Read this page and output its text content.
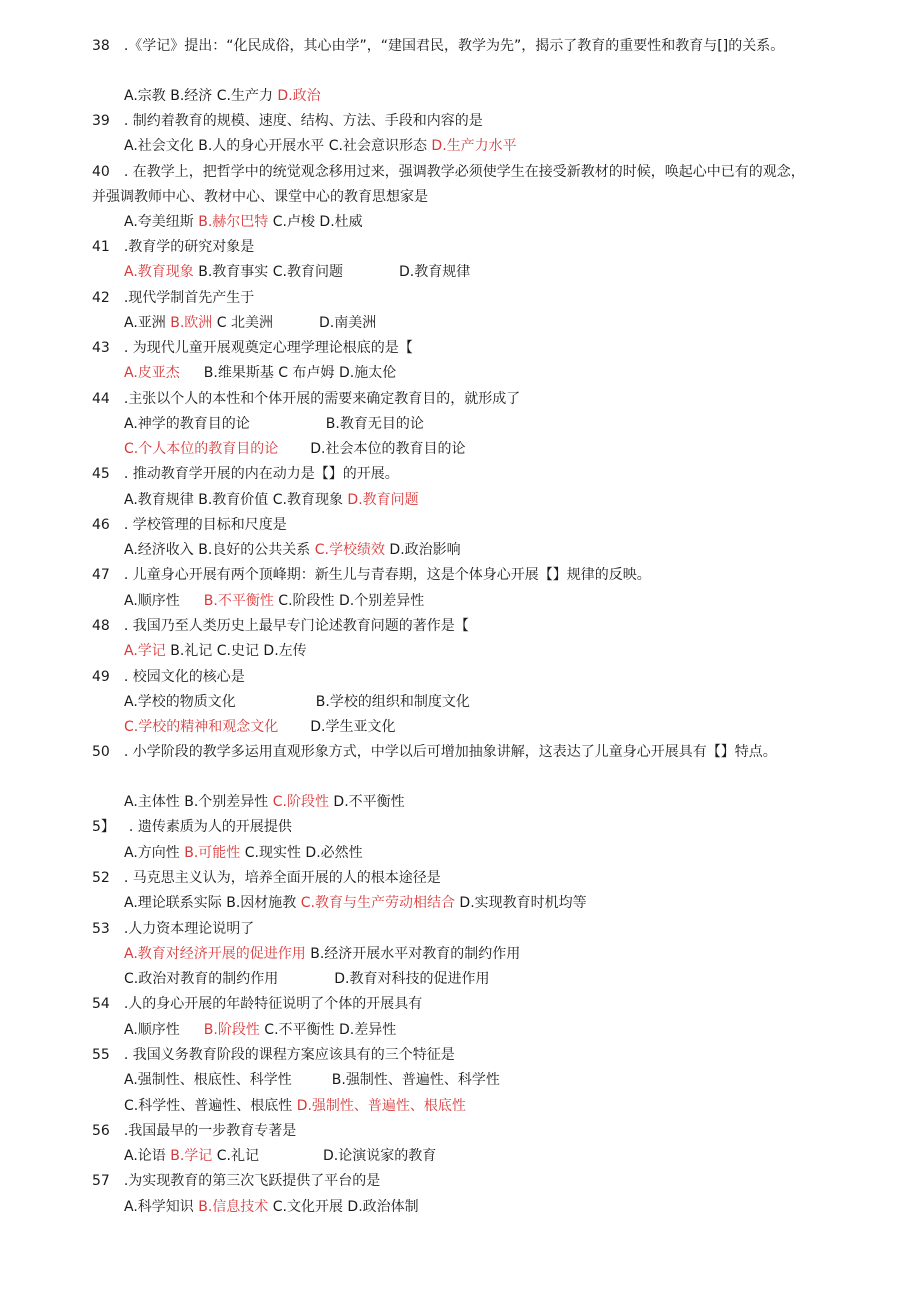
38 .《学记》提出：“化民成俗，其心由学”，“建国君民，教学为先”，揭示了教育的重要性和教育与[]的关系。
A.宗教 B.经济 C.生产力 D.政治
39 . 制约着教育的规模、速度、结构、方法、手段和内容的是
A.社会文化 B.人的身心开展水平 C.社会意识形态 D.生产力水平
40 . 在教学上，把哲学中的统觉观念移用过来，强调教学必须使学生在接受新教材的时候，唤起心中已有的观念，并强调教师中心、教材中心、课堂中心的教育思想家是
A.夸美纽斯 B.赫尔巴特 C.卢梭 D.杜威
41 .教育学的研究对象是
A.教育现象 B.教育事实 C.教育问题	D.教育规律
42 .现代学制首先产生于
A.亚洲 B.欧洲 C 北美洲	D.南美洲
43 . 为现代儿童开展观奠定心理学理论根底的是【
A.皮亚杰 B.维果斯基 C 布卢姆 D.施太伦
44 .主张以个人的本性和个体开展的需要来确定教育目的，就形成了
A.神学的教育目的论	B.教育无目的论
C.个人本位的教育目的论 D.社会本位的教育目的论
45 . 推动教育学开展的内在动力是【】的开展。
A.教育规律 B.教育价值 C.教育现象 D.教育问题
46 . 学校管理的目标和尺度是
A.经济收入 B.良好的公共关系 C.学校绩效 D.政治影响
47 . 儿童身心开展有两个顶峰期：新生儿与青春期，这是个体身心开展【】规律的反映。
A.顺序性 B.不平衡性 C.阶段性 D.个别差异性
48 . 我国乃至人类历史上最早专门论述教育问题的著作是【
A.学记 B.礼记 C.史记 D.左传
49 . 校园文化的核心是
A.学校的物质文化	B.学校的组织和制度文化
C.学校的精神和观念文化 D.学生亚文化
50 . 小学阶段的教学多运用直观形象方式，中学以后可增加抽象讲解，这表达了儿童身心开展具有【】特点。
A.主体性 B.个别差异性 C.阶段性 D.不平衡性
5】 . 遗传素质为人的开展提供
A.方向性 B.可能性 C.现实性 D.必然性
52 . 马克思主义认为，培养全面开展的人的根本途径是
A.理论联系实际 B.因材施教 C.教育与生产劳动相结合 D.实现教育时机均等
53 .人力资本理论说明了
A.教育对经济开展的促进作用 B.经济开展水平对教育的制约作用
C.政治对教育的制约作用	D.教育对科技的促进作用
54 .人的身心开展的年龄特征说明了个体的开展具有
A.顺序性 B.阶段性 C.不平衡性 D.差异性
55 . 我国义务教育阶段的课程方案应该具有的三个特征是
A.强制性、根底性、科学性	B.强制性、普遍性、科学性
C.科学性、普遍性、根底性 D.强制性、普遍性、根底性
56 .我国最早的一步教育专著是
A.论语 B.学记 C.礼记	D.论演说家的教育
57 .为实现教育的第三次飞跃提供了平台的是
A.科学知识 B.信息技术 C.文化开展 D.政治体制
